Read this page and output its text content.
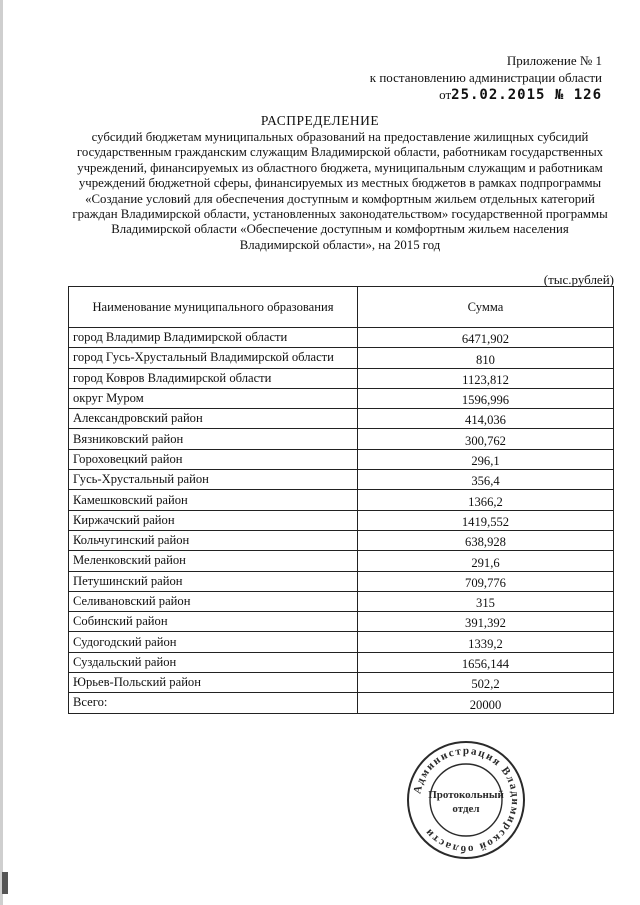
Приложение № 1
к постановлению администрации области
от25.02.2015 № 126
РАСПРЕДЕЛЕНИЕ
субсидий бюджетам муниципальных образований на предоставление жилищных субсидий государственным гражданским служащим Владимирской области, работникам государственных учреждений, финансируемых из областного бюджета, муниципальным служащим и работникам учреждений бюджетной сферы, финансируемых из местных бюджетов в рамках подпрограммы «Создание условий для обеспечения доступным и комфортным жильем отдельных категорий граждан Владимирской области, установленных законодательством» государственной программы Владимирской области «Обеспечение доступным и комфортным жильем населения Владимирской области», на 2015 год
(тыс.рублей)
Наименование муниципального образования	Сумма
город Владимир Владимирской области	6471,902
город Гусь-Хрустальный Владимирской области	810
город Ковров Владимирской области	1123,812
округ Муром	1596,996
Александровский район	414,036
Вязниковский район	300,762
Гороховецкий район	296,1
Гусь-Хрустальный район	356,4
Камешковский район	1366,2
Киржачский район	1419,552
Кольчугинский район	638,928
Меленковский район	291,6
Петушинский район	709,776
Селивановский район	315
Собинский район	391,392
Судогодский район	1339,2
Суздальский район	1656,144
Юрьев-Польский район	502,2
Всего:	20000
Администрация Владимирской области
Протокольный
отдел
